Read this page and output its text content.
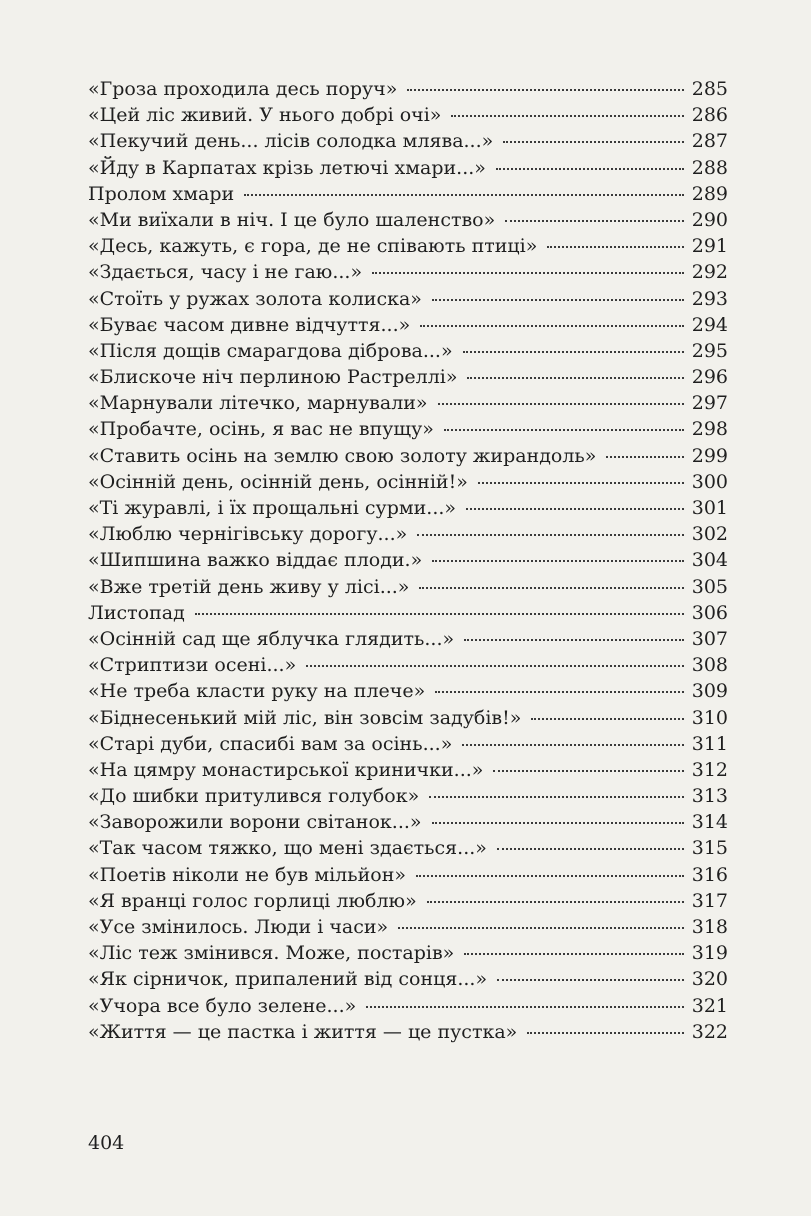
«Гроза проходила десь поруч»	285
«Цей ліс живий. У нього добрі очі»	286
«Пекучий день... лісів солодка млява...»	287
«Йду в Карпатах крізь летючі хмари...»	288
Пролом хмари	289
«Ми виїхали в ніч. І це було шаленство»	290
«Десь, кажуть, є гора, де не співають птиці»	291
«Здається, часу і не гаю...»	292
«Стоїть у ружах золота колиска»	293
«Буває часом дивне відчуття...»	294
«Після дощів смарагдова діброва...»	295
«Блискоче ніч перлиною Растреллі»	296
«Марнували літечко, марнували»	297
«Пробачте, осінь, я вас не впущу»	298
«Ставить осінь на землю свою золоту жирандоль»	299
«Осінній день, осінній день, осінній!»	300
«Ті журавлі, і їх прощальні сурми...»	301
«Люблю чернігівську дорогу...»	302
«Шипшина важко віддає плоди.»	304
«Вже третій день живу у лісі...»	305
Листопад	306
«Осінній сад ще яблучка глядить...»	307
«Стриптизи осені...»	308
«Не треба класти руку на плече»	309
«Біднесенький мій ліс, він зовсім задубів!»	310
«Старі дуби, спасибі вам за осінь...»	311
«На цямру монастирської кринички...»	312
«До шибки притулився голубок»	313
«Заворожили ворони світанок...»	314
«Так часом тяжко, що мені здається...»	315
«Поетів ніколи не був мільйон»	316
«Я вранці голос горлиці люблю»	317
«Усе змінилось. Люди і часи»	318
«Ліс теж змінився. Може, постарів»	319
«Як сірничок, припалений від сонця...»	320
«Учора все було зелене...»	321
«Життя — це пастка і життя — це пустка»	322
404
